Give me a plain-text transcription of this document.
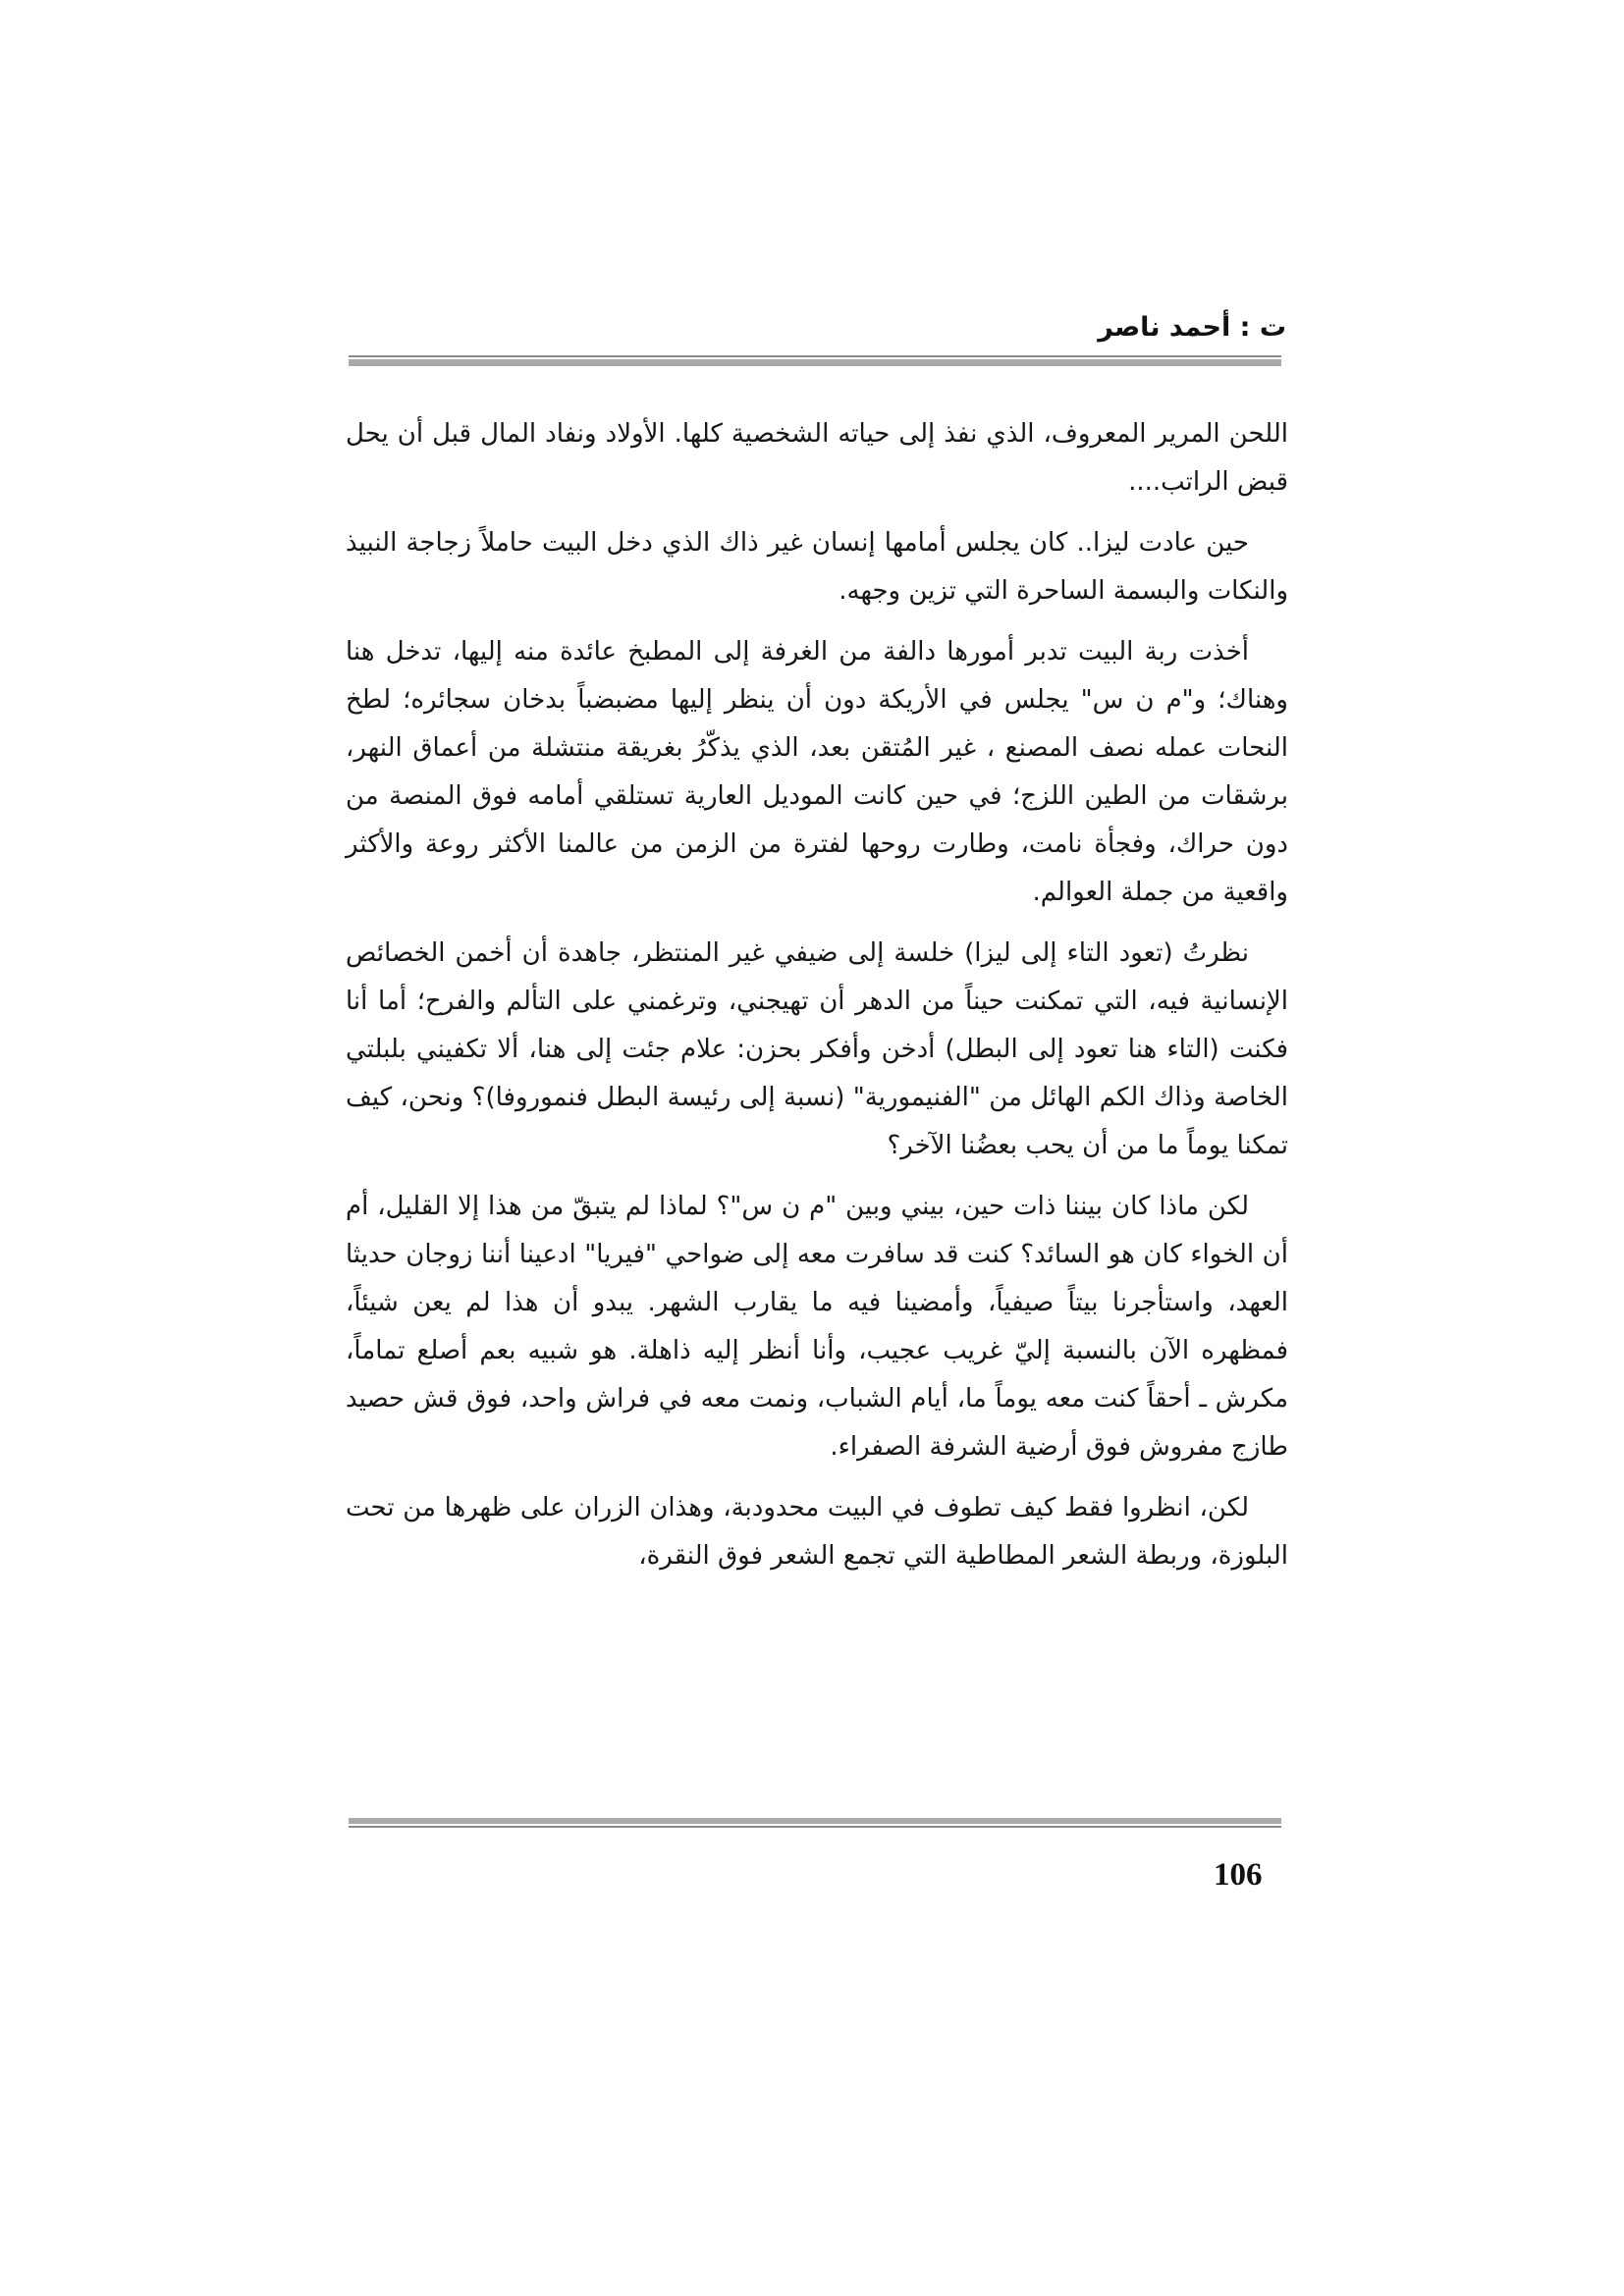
ت : أحمد ناصر

اللحن المرير المعروف، الذي نفذ إلى حياته الشخصية كلها. الأولاد ونفاد المال قبل أن يحل قبض الراتب....

حين عادت ليزا.. كان يجلس أمامها إنسان غير ذاك الذي دخل البيت حاملاً زجاجة النبيذ والنكات والبسمة الساحرة التي تزين وجهه.

أخذت ربة البيت تدبر أمورها دالفة من الغرفة إلى المطبخ عائدة منه إليها، تدخل هنا وهناك؛ و"م ن س" يجلس في الأريكة دون أن ينظر إليها مضبضباً بدخان سجائره؛ لطخ النحات عمله نصف المصنع ، غير المُتقن بعد، الذي يذكّرُ بغريقة منتشلة من أعماق النهر، برشقات من الطين اللزج؛ في حين كانت الموديل العارية تستلقي أمامه فوق المنصة من دون حراك، وفجأة نامت، وطارت روحها لفترة من الزمن من عالمنا الأكثر روعة والأكثر واقعية من جملة العوالم.

نظرتُ (تعود التاء إلى ليزا) خلسة إلى ضيفي غير المنتظر، جاهدة أن أخمن الخصائص الإنسانية فيه، التي تمكنت حيناً من الدهر أن تهيجني، وترغمني على التألم والفرح؛ أما أنا فكنت (التاء هنا تعود إلى البطل) أدخن وأفكر بحزن: علام جئت إلى هنا، ألا تكفيني بلبلتي الخاصة وذاك الكم الهائل من "الفنيمورية" (نسبة إلى رئيسة البطل فنموروفا)؟ ونحن، كيف تمكنا يوماً ما من أن يحب بعضُنا الآخر؟

لكن ماذا كان بيننا ذات حين، بيني وبين "م ن س"؟ لماذا لم يتبقّ من هذا إلا القليل، أم أن الخواء كان هو السائد؟ كنت قد سافرت معه إلى ضواحي "فيريا" ادعينا أننا زوجان حديثا العهد، واستأجرنا بيتاً صيفياً، وأمضينا فيه ما يقارب الشهر. يبدو أن هذا لم يعن شيئاً، فمظهره الآن بالنسبة إليّ غريب عجيب، وأنا أنظر إليه ذاهلة. هو شبيه بعم أصلع تماماً، مكرش ـ أحقاً كنت معه يوماً ما، أيام الشباب، ونمت معه في فراش واحد، فوق قش حصيد طازج مفروش فوق أرضية الشرفة الصفراء.

لكن، انظروا فقط كيف تطوف في البيت محدودبة، وهذان الزران على ظهرها من تحت البلوزة، وربطة الشعر المطاطية التي تجمع الشعر فوق النقرة،

106
